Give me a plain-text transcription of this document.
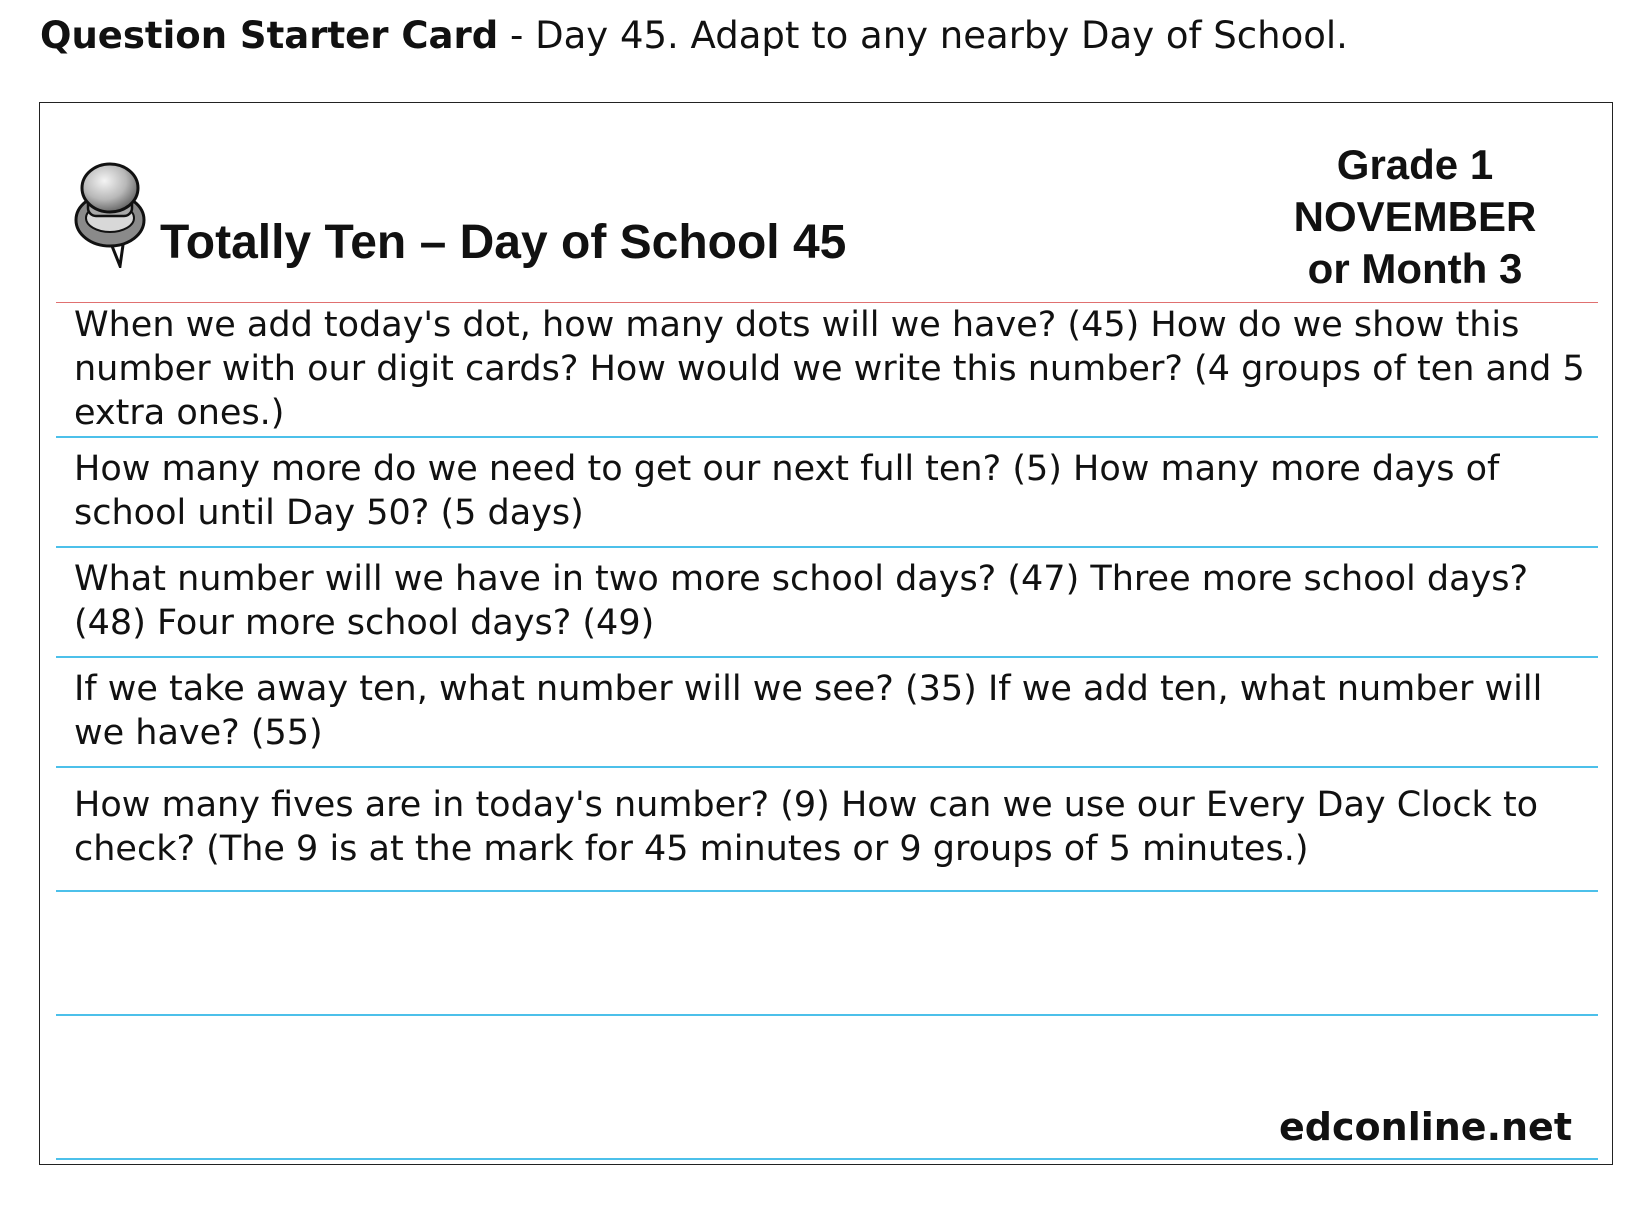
Question Starter Card - Day 45. Adapt to any nearby Day of School.
Totally Ten – Day of School 45
Grade 1
NOVEMBER
or Month 3
When we add today's dot, how many dots will we have? (45) How do we show this number with our digit cards? How would we write this number? (4 groups of ten and 5 extra ones.)
How many more do we need to get our next full ten? (5) How many more days of school until Day 50? (5 days)
What number will we have in two more school days? (47) Three more school days? (48) Four more school days? (49)
If we take away ten, what number will we see? (35) If we add ten, what number will we have? (55)
How many fives are in today's number? (9) How can we use our Every Day Clock to check? (The 9 is at the mark for 45 minutes or 9 groups of 5 minutes.)
edconline.net
